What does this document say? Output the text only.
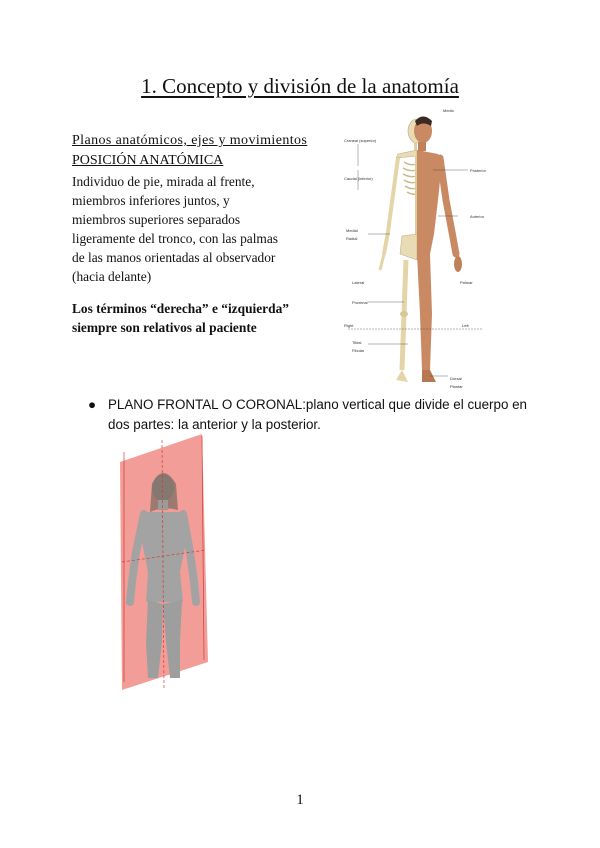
1. Concepto y división de la anatomía
Planos anatómicos, ejes y movimientos
POSICIÓN ANATÓMICA
Individuo de pie, mirada al frente, miembros inferiores juntos, y miembros superiores separados ligeramente del tronco, con las palmas de las manos orientadas al observador (hacia delante)
Los términos “derecha” e “izquierda” siempre son relativos al paciente
Medio
Craneal (superior)
Caudal (inferior)
Posterior
Anterior
Medial
Radial
Palmar
Lateral
Proximal
Right	Left
Tibial
Fibular
Dorsal
Plantar
● PLANO FRONTAL O CORONAL:plano vertical que divide el cuerpo en dos partes: la anterior y la posterior.
1
